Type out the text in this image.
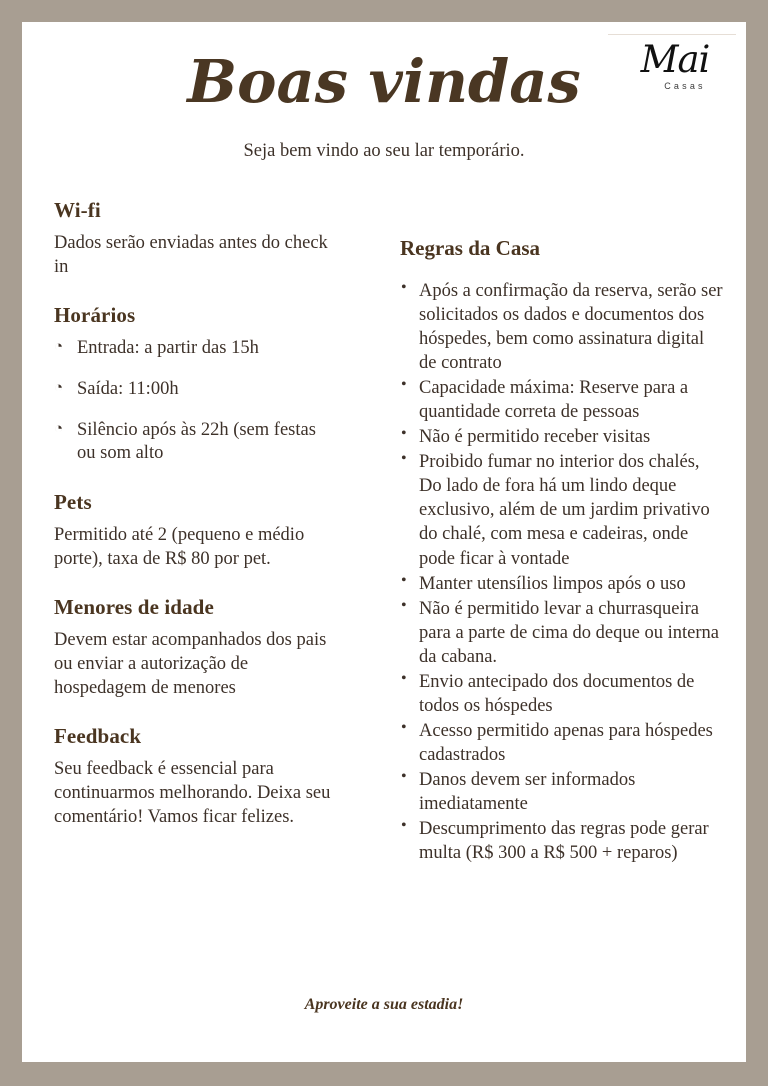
Mai
Casas
Boas vindas
Seja bem vindo ao seu lar temporário.
Wi-fi

Dados serão enviadas antes do check in

Horários
◔ Entrada: a partir das 15h
◔ Saída: 11:00h
◔ Silêncio após às 22h (sem festas ou som alto
Pets

Permitido até 2 (pequeno e médio porte), taxa de R$ 80 por pet.

Menores de idade

Devem estar acompanhados dos pais ou enviar a autorização de hospedagem de menores

Feedback

Seu feedback é essencial para continuarmos melhorando. Deixa seu comentário! Vamos ficar felizes.

Regras da Casa
• Após a confirmação da reserva, serão ser solicitados os dados e documentos dos hóspedes, bem como assinatura digital de contrato
• Capacidade máxima: Reserve para a quantidade correta de pessoas
• Não é permitido receber visitas
• Proibido fumar no interior dos chalés, Do lado de fora há um lindo deque exclusivo, além de um jardim privativo do chalé, com mesa e cadeiras, onde pode ficar à vontade
• Manter utensílios limpos após o uso
• Não é permitido levar a churrasqueira para a parte de cima do deque ou interna da cabana.
• Envio antecipado dos documentos de todos os hóspedes
• Acesso permitido apenas para hóspedes cadastrados
• Danos devem ser informados imediatamente
• Descumprimento das regras pode gerar multa (R$ 300 a R$ 500 + reparos)
Aproveite a sua estadia!
